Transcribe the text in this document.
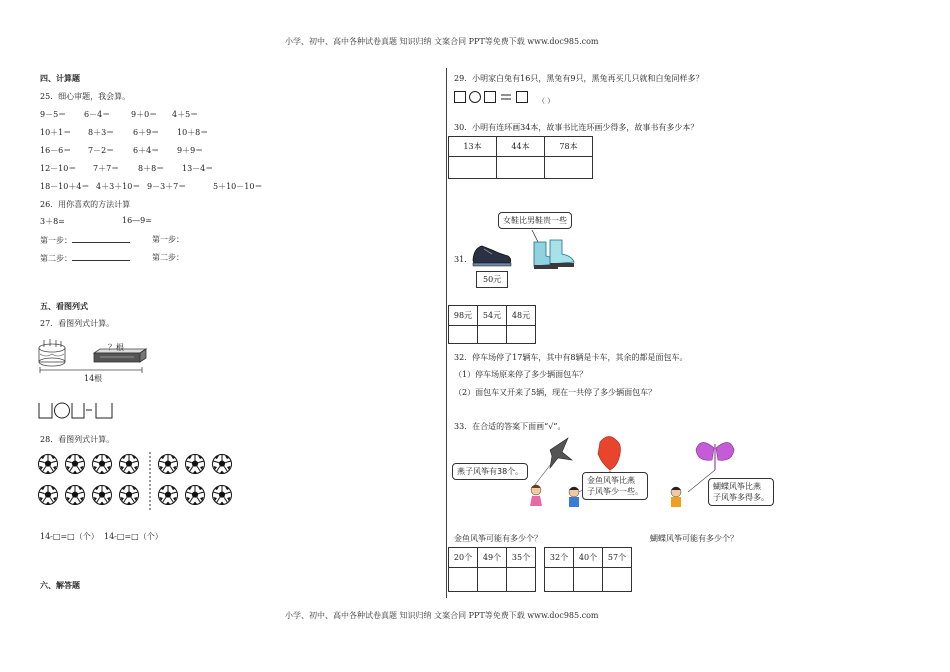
小学、初中、高中各种试卷真题 知识归纳 文案合同 PPT等免费下载 www.doc985.com
小学、初中、高中各种试卷真题 知识归纳 文案合同 PPT等免费下载 www.doc985.com
四、计算题
25．细心审题，我会算。
9－5＝ 6－4＝	9＋0＝ 4＋5＝
10＋1＝ 8＋3＝ 6＋9＝ 10＋8＝
16－6＝ 7－2＝ 6＋4＝ 9＋9＝
12－10＝ 7＋7＝ 8＋8＝ 13－4＝
18－10＋4＝ 4＋3＋10＝ 9－3＋7＝	5＋10－10＝
26．用你喜欢的方法计算
3＋8=	16—9=
第一步：	第一步：
第二步：	第二步：
五、看图列式
27．看图列式计算。
？根
14根
28．看图列式计算。
14-□=□（个） 14-□=□（个）
六、解答题
29．小明家白兔有16只，黑兔有9只，黑兔再买几只就和白兔同样多？
（ ）
30．小明有连环画34本，故事书比连环画少得多，故事书有多少本？
13本	44本	78本

女鞋比男鞋贵一些
31．
50元
98元	54元	48元

32．停车场停了17辆车，其中有8辆是卡车，其余的都是面包车。
（1）停车场原来停了多少辆面包车？
（2）面包车又开来了5辆，现在一共停了多少辆面包车？
33．在合适的答案下面画“√”。
燕子风筝有38个。
金鱼风筝比燕
子风筝少一些。
蝴蝶风筝比燕
子风筝多得多。
金鱼风筝可能有多少个？	蝴蝶风筝可能有多少个？
20个	49个	35个
		32个	40个	57个
